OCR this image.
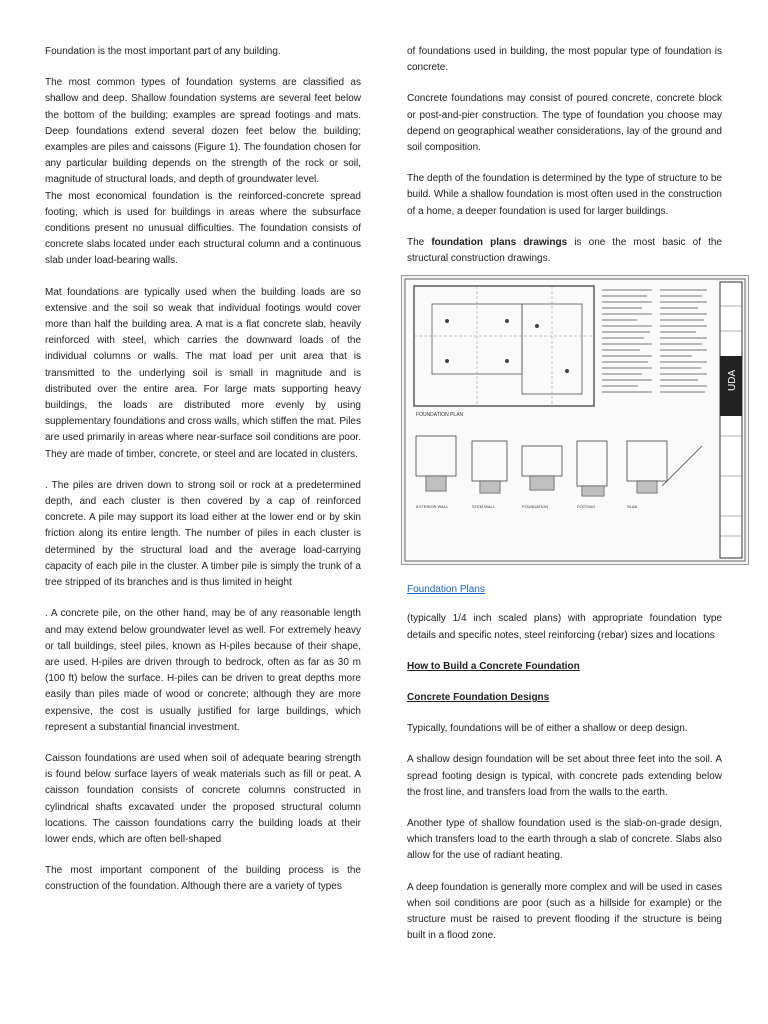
Foundation is the most important part of any building.

The most common types of foundation systems are classified as shallow and deep. Shallow foundation systems are several feet below the bottom of the building; examples are spread footings and mats. Deep foundations extend several dozen feet below the building; examples are piles and caissons (Figure 1). The foundation chosen for any particular building depends on the strength of the rock or soil, magnitude of structural loads, and depth of groundwater level.

The most economical foundation is the reinforced-concrete spread footing, which is used for buildings in areas where the subsurface conditions present no unusual difficulties. The foundation consists of concrete slabs located under each structural column and a continuous slab under load-bearing walls.

Mat foundations are typically used when the building loads are so extensive and the soil so weak that individual footings would cover more than half the building area. A mat is a flat concrete slab, heavily reinforced with steel, which carries the downward loads of the individual columns or walls. The mat load per unit area that is transmitted to the underlying soil is small in magnitude and is distributed over the entire area. For large mats supporting heavy buildings, the loads are distributed more evenly by using supplementary foundations and cross walls, which stiffen the mat. Piles are used primarily in areas where near-surface soil conditions are poor. They are made of timber, concrete, or steel and are located in clusters.

. The piles are driven down to strong soil or rock at a predetermined depth, and each cluster is then covered by a cap of reinforced concrete. A pile may support its load either at the lower end or by skin friction along its entire length. The number of piles in each cluster is determined by the structural load and the average load-carrying capacity of each pile in the cluster. A timber pile is simply the trunk of a tree stripped of its branches and is thus limited in height

. A concrete pile, on the other hand, may be of any reasonable length and may extend below groundwater level as well. For extremely heavy or tall buildings, steel piles, known as H-piles because of their shape, are used. H-piles are driven through to bedrock, often as far as 30 m (100 ft) below the surface. H-piles can be driven to great depths more easily than piles made of wood or concrete; although they are more expensive, the cost is usually justified for large buildings, which represent a substantial financial investment.

Caisson foundations are used when soil of adequate bearing strength is found below surface layers of weak materials such as fill or peat. A caisson foundation consists of concrete columns constructed in cylindrical shafts excavated under the proposed structural column locations. The caisson foundations carry the building loads at their lower ends, which are often bell-shaped

The most important component of the building process is the construction of the foundation. Although there are a variety of types

of foundations used in building, the most popular type of foundation is concrete.

Concrete foundations may consist of poured concrete, concrete block or post-and-pier construction. The type of foundation you choose may depend on geographical weather considerations, lay of the ground and soil composition.

The depth of the foundation is determined by the type of structure to be build. While a shallow foundation is most often used in the construction of a home, a deeper foundation is used for larger buildings.

The foundation plans drawings is one the most basic of the structural construction drawings.

FOUNDATION PLAN
EXTERIOR WALL	STEM WALL	FOUNDATION	FOOTING	SLAB
UDA

Foundation Plans

(typically 1/4 inch scaled plans) with appropriate foundation type details and specific notes, steel reinforcing (rebar) sizes and locations

How to Build a Concrete Foundation

Concrete Foundation Designs

Typically, foundations will be of either a shallow or deep design.

A shallow design foundation will be set about three feet into the soil. A spread footing design is typical, with concrete pads extending below the frost line, and transfers load from the walls to the earth.

Another type of shallow foundation used is the slab-on-grade design, which transfers load to the earth through a slab of concrete. Slabs also allow for the use of radiant heating.

A deep foundation is generally more complex and will be used in cases when soil conditions are poor (such as a hillside for example) or the structure must be raised to prevent flooding if the structure is being built in a flood zone.
